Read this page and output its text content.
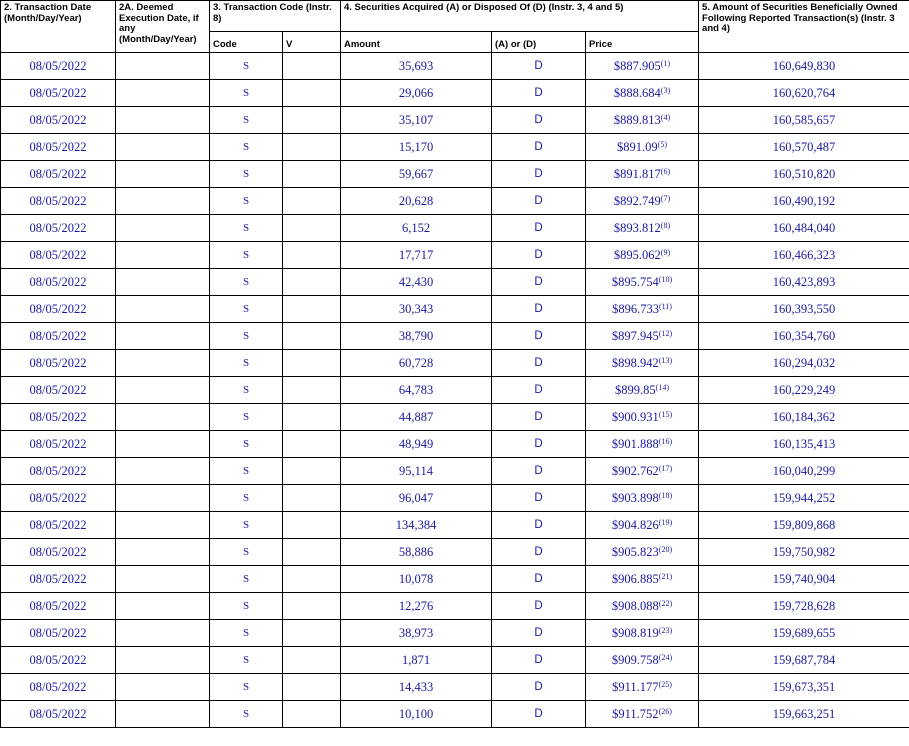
2. Transaction Date (Month/Day/Year)	2A. Deemed Execution Date, if any (Month/Day/Year)	3. Transaction Code (Instr. 8)		4. Securities Acquired (A) or Disposed Of (D) (Instr. 3, 4 and 5)			5. Amount of Securities Beneficially Owned Following Reported Transaction(s) (Instr. 3 and 4)
		Code	V	Amount	(A) or (D)	Price	
08/05/2022		S		35,693	D	$887.905$^{(1)}$	160,649,830
08/05/2022		S		29,066	D	$888.684$^{(3)}$	160,620,764
08/05/2022		S		35,107	D	$889.813$^{(4)}$	160,585,657
08/05/2022		S		15,170	D	$891.09$^{(5)}$	160,570,487
08/05/2022		S		59,667	D	$891.817$^{(6)}$	160,510,820
08/05/2022		S		20,628	D	$892.749$^{(7)}$	160,490,192
08/05/2022		S		6,152	D	$893.812$^{(8)}$	160,484,040
08/05/2022		S		17,717	D	$895.062$^{(9)}$	160,466,323
08/05/2022		S		42,430	D	$895.754$^{(10)}$	160,423,893
08/05/2022		S		30,343	D	$896.733$^{(11)}$	160,393,550
08/05/2022		S		38,790	D	$897.945$^{(12)}$	160,354,760
08/05/2022		S		60,728	D	$898.942$^{(13)}$	160,294,032
08/05/2022		S		64,783	D	$899.85$^{(14)}$	160,229,249
08/05/2022		S		44,887	D	$900.931$^{(15)}$	160,184,362
08/05/2022		S		48,949	D	$901.888$^{(16)}$	160,135,413
08/05/2022		S		95,114	D	$902.762$^{(17)}$	160,040,299
08/05/2022		S		96,047	D	$903.898$^{(18)}$	159,944,252
08/05/2022		S		134,384	D	$904.826$^{(19)}$	159,809,868
08/05/2022		S		58,886	D	$905.823$^{(20)}$	159,750,982
08/05/2022		S		10,078	D	$906.885$^{(21)}$	159,740,904
08/05/2022		S		12,276	D	$908.088$^{(22)}$	159,728,628
08/05/2022		S		38,973	D	$908.819$^{(23)}$	159,689,655
08/05/2022		S		1,871	D	$909.758$^{(24)}$	159,687,784
08/05/2022		S		14,433	D	$911.177$^{(25)}$	159,673,351
08/05/2022		S		10,100	D	$911.752$^{(26)}$	159,663,251
